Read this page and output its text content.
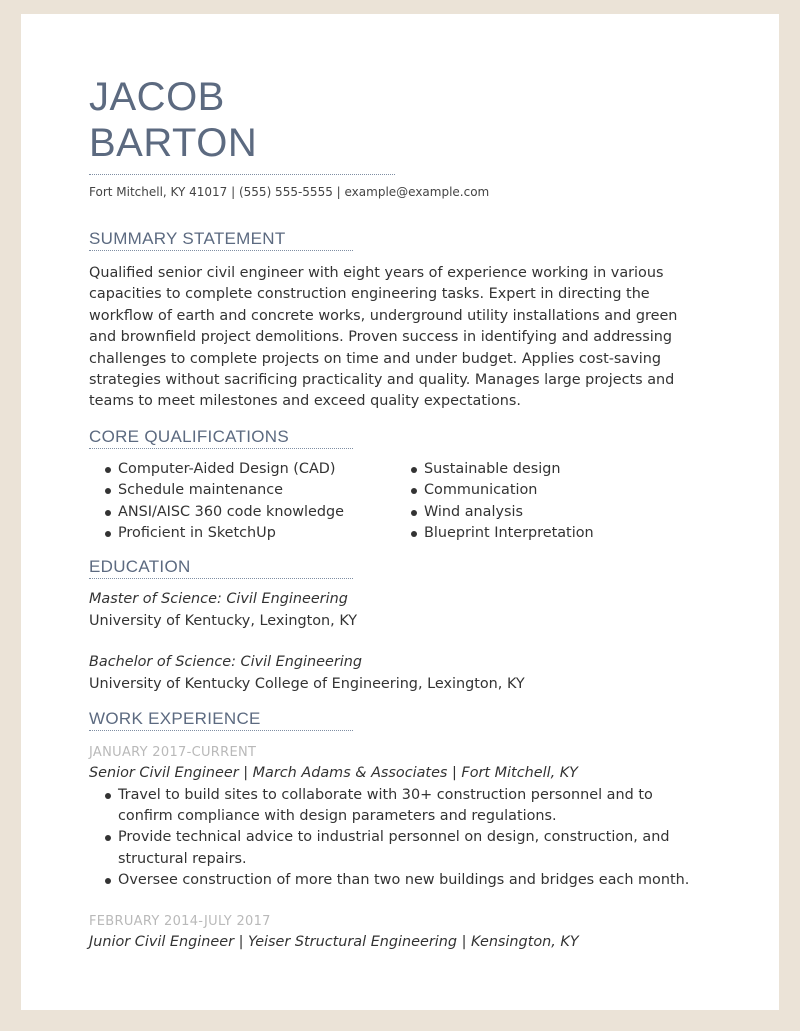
JACOB
BARTON
Fort Mitchell, KY 41017 | (555) 555-5555 | example@example.com
SUMMARY STATEMENT
Qualified senior civil engineer with eight years of experience working in various capacities to complete construction engineering tasks. Expert in directing the workflow of earth and concrete works, underground utility installations and green and brownfield project demolitions. Proven success in identifying and addressing challenges to complete projects on time and under budget. Applies cost-saving strategies without sacrificing practicality and quality. Manages large projects and teams to meet milestones and exceed quality expectations.
CORE QUALIFICATIONS
Computer-Aided Design (CAD)
Schedule maintenance
ANSI/AISC 360 code knowledge
Proficient in SketchUp
Sustainable design
Communication
Wind analysis
Blueprint Interpretation
EDUCATION
Master of Science: Civil Engineering
University of Kentucky, Lexington, KY
Bachelor of Science: Civil Engineering
University of Kentucky College of Engineering, Lexington, KY
WORK EXPERIENCE
JANUARY 2017-CURRENT
Senior Civil Engineer | March Adams & Associates | Fort Mitchell, KY
Travel to build sites to collaborate with 30+ construction personnel and to confirm compliance with design parameters and regulations.
Provide technical advice to industrial personnel on design, construction, and structural repairs.
Oversee construction of more than two new buildings and bridges each month.
FEBRUARY 2014-JULY 2017
Junior Civil Engineer | Yeiser Structural Engineering | Kensington, KY
